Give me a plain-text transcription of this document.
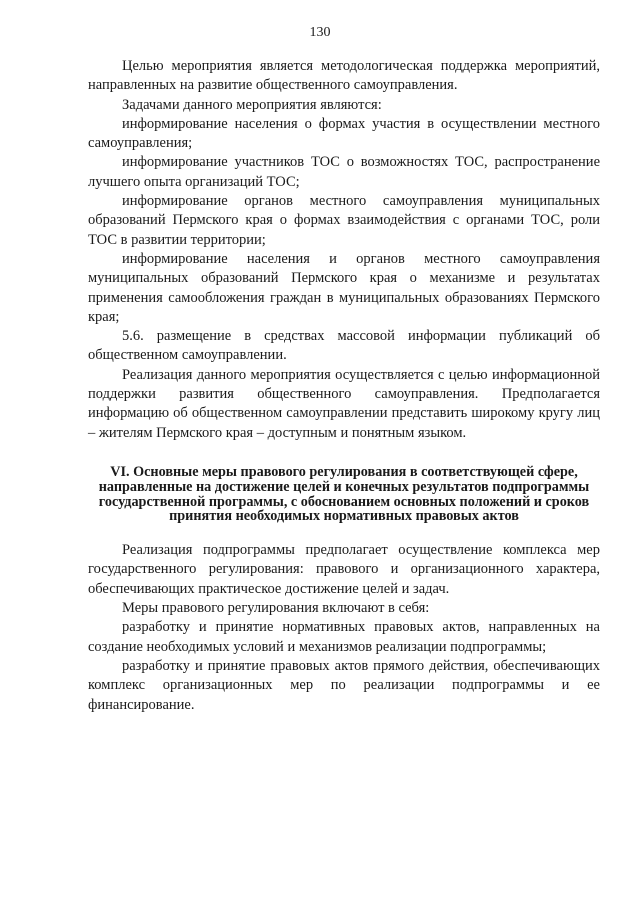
130

Целью мероприятия является методологическая поддержка мероприятий, направленных на развитие общественного самоуправления.

Задачами данного мероприятия являются:

информирование населения о формах участия в осуществлении местного самоуправления;

информирование участников ТОС о возможностях ТОС, распространение лучшего опыта организаций ТОС;

информирование органов местного самоуправления муниципальных образований Пермского края о формах взаимодействия с органами ТОС, роли ТОС в развитии территории;

информирование населения и органов местного самоуправления муниципальных образований Пермского края о механизме и результатах применения самообложения граждан в муниципальных образованиях Пермского края;

5.6. размещение в средствах массовой информации публикаций об общественном самоуправлении.

Реализация данного мероприятия осуществляется с целью информационной поддержки развития общественного самоуправления. Предполагается информацию об общественном самоуправлении представить широкому кругу лиц – жителям Пермского края – доступным и понятным языком.

VI. Основные меры правового регулирования в соответствующей сфере, направленные на достижение целей и конечных результатов подпрограммы государственной программы, с обоснованием основных положений и сроков принятия необходимых нормативных правовых актов

Реализация подпрограммы предполагает осуществление комплекса мер государственного регулирования: правового и организационного характера, обеспечивающих практическое достижение целей и задач.

Меры правового регулирования включают в себя:

разработку и принятие нормативных правовых актов, направленных на создание необходимых условий и механизмов реализации подпрограммы;

разработку и принятие правовых актов прямого действия, обеспечивающих комплекс организационных мер по реализации подпрограммы и ее финансирование.
